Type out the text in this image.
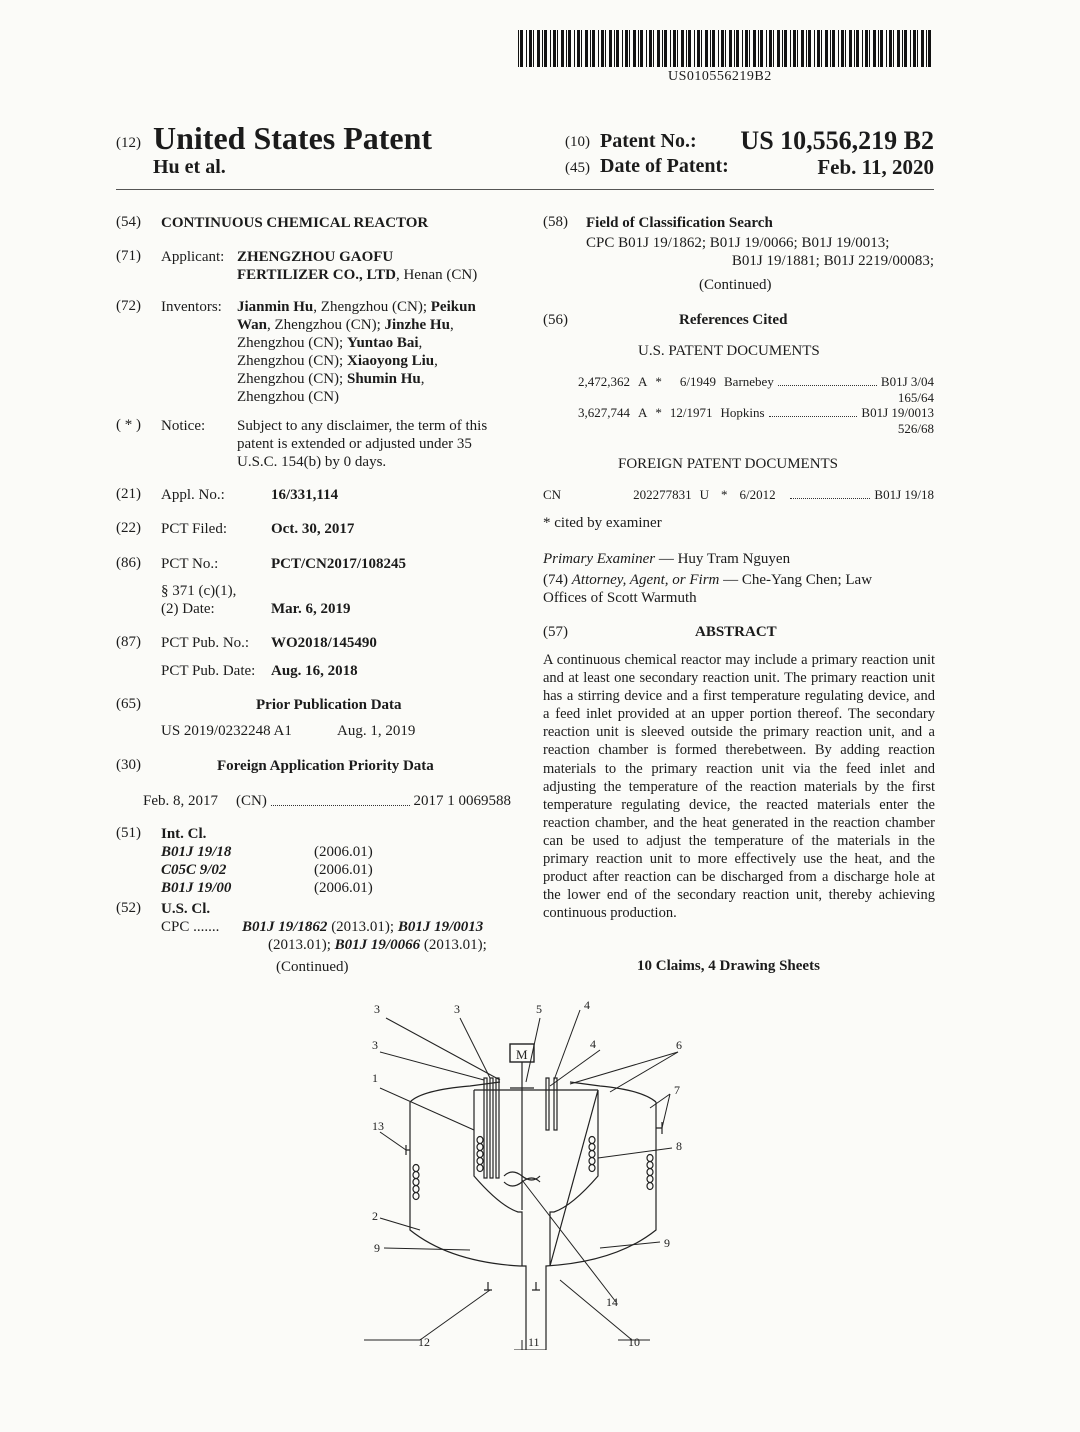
US010556219B2
(12) United States Patent
Hu et al.
(10) Patent No.: US 10,556,219 B2
(45) Date of Patent:	Feb. 11, 2020
(54) CONTINUOUS CHEMICAL REACTOR
(71) Applicant: ZHENGZHOU GAOFU
FERTILIZER CO., LTD, Henan (CN)
(72) Inventors: Jianmin Hu, Zhengzhou (CN); Peikun
Wan, Zhengzhou (CN); Jinzhe Hu,
Zhengzhou (CN); Yuntao Bai,
Zhengzhou (CN); Xiaoyong Liu,
Zhengzhou (CN); Shumin Hu,
Zhengzhou (CN)
( * ) Notice: Subject to any disclaimer, the term of this
patent is extended or adjusted under 35
U.S.C. 154(b) by 0 days.
(21) Appl. No.:	16/331,114
(22) PCT Filed:	Oct. 30, 2017
(86) PCT No.:	PCT/CN2017/108245
§ 371 (c)(1),
(2) Date:	Mar. 6, 2019
(87) PCT Pub. No.: WO2018/145490
PCT Pub. Date: Aug. 16, 2018
(65)	Prior Publication Data
US 2019/0232248 A1	Aug. 1, 2019
(30)	Foreign Application Priority Data
Feb. 8, 2017 (CN)	2017 1 0069588
(51) Int. Cl.
B01J 19/18	(2006.01)
C05C 9/02	(2006.01)
B01J 19/00	(2006.01)
(52) U.S. Cl.
CPC ....... B01J 19/1862 (2013.01); B01J 19/0013
(2013.01); B01J 19/0066 (2013.01);
(Continued)
(58) Field of Classification Search
CPC B01J 19/1862; B01J 19/0066; B01J 19/0013;
B01J 19/1881; B01J 2219/00083;
(Continued)
(56)	References Cited
U.S. PATENT DOCUMENTS
2,472,362 A * 6/1949 Barnebey	B01J 3/04
165/64
3,627,744 A * 12/1971 Hopkins	B01J 19/0013
526/68
FOREIGN PATENT DOCUMENTS
CN	202277831 U * 6/2012	B01J 19/18
* cited by examiner
Primary Examiner — Huy Tram Nguyen
(74) Attorney, Agent, or Firm — Che-Yang Chen; Law
Offices of Scott Warmuth
(57)	ABSTRACT
A continuous chemical reactor may include a primary reaction unit and at least one secondary reaction unit. The primary reaction unit has a stirring device and a first temperature regulating device, and a feed inlet provided at an upper portion thereof. The secondary reaction unit is sleeved outside the primary reaction unit, and a reaction chamber is formed therebetween. By adding reaction materials to the primary reaction unit via the feed inlet and adjusting the temperature of the reaction materials by the first temperature regulating device, the reacted materials enter the reaction chamber, and the heat generated in the reaction chamber can be used to adjust the temperature of the materials in the primary reaction unit to more effectively use the heat, and the product after reaction can be discharged from a discharge hole at the lower end of the secondary reaction unit, thereby achieving continuous production.
10 Claims, 4 Drawing Sheets
M
3	3	5	4
3	4	6
1
7
13
8
2
9	9
14
12	11	10
